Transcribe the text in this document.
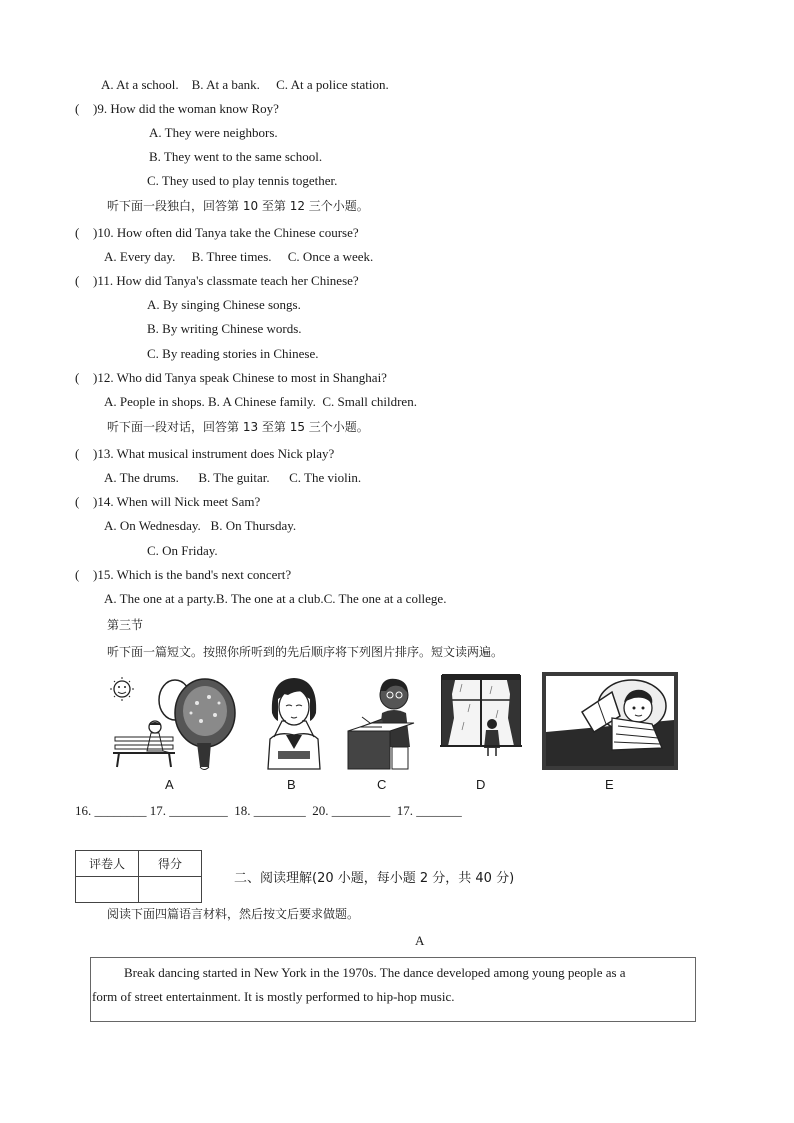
A. At a school.    B. At a bank.     C. At a police station.
( )9. How did the woman know Roy?
A. They were neighbors.
B. They went to the same school.
C. They used to play tennis together.
听下面一段独白，回答第 10 至第 12 三个小题。
( )10. How often did Tanya take the Chinese course?
A. Every day.     B. Three times.     C. Once a week.
( )11. How did Tanya's classmate teach her Chinese?
A. By singing Chinese songs.
B. By writing Chinese words.
C. By reading stories in Chinese.
( )12. Who did Tanya speak Chinese to most in Shanghai?
A. People in shops. B. A Chinese family.  C. Small children.
听下面一段对话，回答第 13 至第 15 三个小题。
( )13. What musical instrument does Nick play?
A. The drums.      B. The guitar.      C. The violin.
( )14. When will Nick meet Sam?
A. On Wednesday.   B. On Thursday.
C. On Friday.
( )15. Which is the band's next concert?
A. The one at a party.B. The one at a club.C. The one at a college.
第三节
听下面一篇短文。按照你所听到的先后顺序将下列图片排序。短文读两遍。
A	B	C	D	E
16. ________ 17. _________  18. ________  20. _________  17. _______
评卷人	得分

二、阅读理解(20 小题，每小题 2 分，共 40 分)
阅读下面四篇语言材料，然后按文后要求做题。
A
Break dancing started in New York in the 1970s. The dance developed among young people as a
form of street entertainment. It is mostly performed to hip-hop music.
